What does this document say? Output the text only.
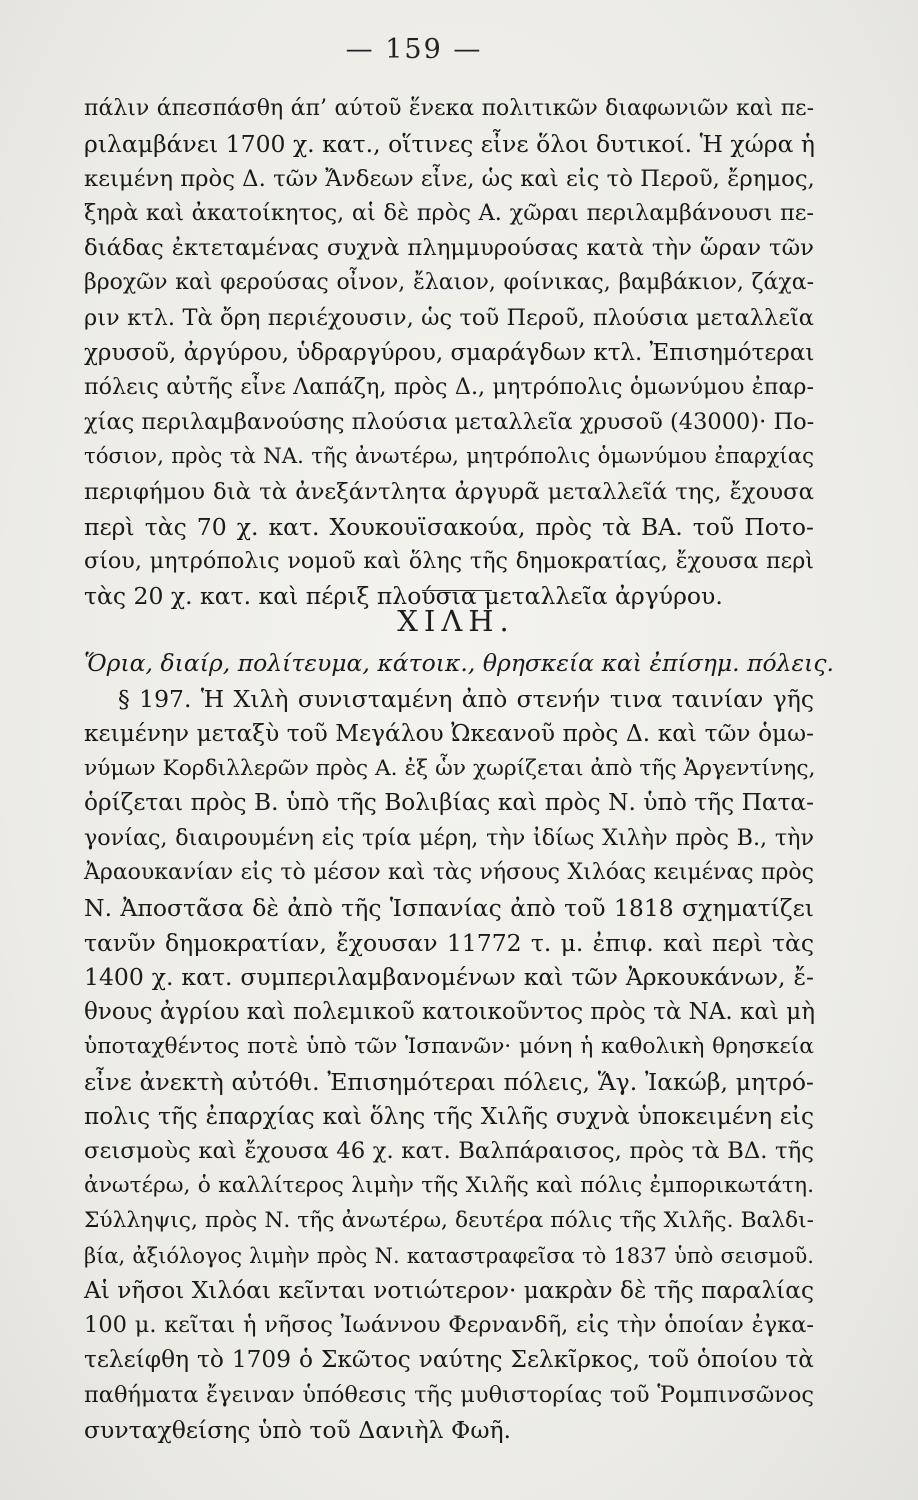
— 159 —
πάλιν άπεσπάσθη άπ’ αύτοῦ ἕνεκα πολιτικῶν διαφωνιῶν καὶ πε-
ριλαμβάνει 1700 χ. κατ., οἵτινες εἶνε ὅλοι δυτικοί. Ἡ χώρα ἡ
κειμένη πρὸς Δ. τῶν Ἄνδεων εἶνε, ὡς καὶ εἰς τὸ Περοῦ, ἔρημος,
ξηρὰ καὶ ἀκατοίκητος, αἱ δὲ πρὸς Α. χῶραι περιλαμβάνουσι πε-
διάδας ἐκτεταμένας συχνὰ πλημμυρούσας κατὰ τὴν ὥραν τῶν
βροχῶν καὶ φερούσας οἶνον, ἔλαιον, φοίνικας, βαμβάκιον, ζάχα-
ριν κτλ. Τὰ ὄρη περιέχουσιν, ὡς τοῦ Περοῦ, πλούσια μεταλλεῖα
χρυσοῦ, ἀργύρου, ὑδραργύρου, σμαράγδων κτλ. Ἐπισημότεραι
πόλεις αὐτῆς εἶνε Λαπάζη, πρὸς Δ., μητρόπολις ὁμωνύμου ἐπαρ-
χίας περιλαμβανούσης πλούσια μεταλλεῖα χρυσοῦ (43000)· Πο-
τόσιον, πρὸς τὰ ΝΑ. τῆς ἀνωτέρω, μητρόπολις ὁμωνύμου ἐπαρχίας
περιφήμου διὰ τὰ ἀνεξάντλητα ἀργυρᾶ μεταλλεῖά της, ἔχουσα
περὶ τὰς 70 χ. κατ. Χουκουϊσακούα, πρὸς τὰ ΒΑ. τοῦ Ποτο-
σίου, μητρόπολις νομοῦ καὶ ὅλης τῆς δημοκρατίας, ἔχουσα περὶ
τὰς 20 χ. κατ. καὶ πέριξ πλούσια μεταλλεῖα ἀργύρου.
ΧΙΛΗ.
Ὅρια, διαίρ, πολίτευμα, κάτοικ., θρησκεία καὶ ἐπίσημ. πόλεις.
§ 197. Ἡ Χιλὴ συνισταμένη ἀπὸ στενήν τινα ταινίαν γῆς
κειμένην μεταξὺ τοῦ Μεγάλου Ὠκεανοῦ πρὸς Δ. καὶ τῶν ὁμω-
νύμων Κορδιλλερῶν πρὸς Α. ἐξ ὧν χωρίζεται ἀπὸ τῆς Ἀργεντίνης,
ὁρίζεται πρὸς Β. ὑπὸ τῆς Βολιβίας καὶ πρὸς Ν. ὑπὸ τῆς Πατα-
γονίας, διαιρουμένη εἰς τρία μέρη, τὴν ἰδίως Χιλὴν πρὸς Β., τὴν
Ἀραουκανίαν εἰς τὸ μέσον καὶ τὰς νήσους Χιλόας κειμένας πρὸς
Ν. Ἀποστᾶσα δὲ ἀπὸ τῆς Ἱσπανίας ἀπὸ τοῦ 1818 σχηματίζει
τανῦν δημοκρατίαν, ἔχουσαν 11772 τ. μ. ἐπιφ. καὶ περὶ τὰς
1400 χ. κατ. συμπεριλαμβανομένων καὶ τῶν Ἀρκουκάνων, ἔ-
θνους ἀγρίου καὶ πολεμικοῦ κατοικοῦντος πρὸς τὰ ΝΑ. καὶ μὴ
ὑποταχθέντος ποτὲ ὑπὸ τῶν Ἱσπανῶν· μόνη ἡ καθολικὴ θρησκεία
εἶνε ἀνεκτὴ αὐτόθι. Ἐπισημότεραι πόλεις, Ἅγ. Ἰακώβ, μητρό-
πολις τῆς ἐπαρχίας καὶ ὅλης τῆς Χιλῆς συχνὰ ὑποκειμένη εἰς
σεισμοὺς καὶ ἔχουσα 46 χ. κατ. Βαλπάραισος, πρὸς τὰ ΒΔ. τῆς
ἀνωτέρω, ὁ καλλίτερος λιμὴν τῆς Χιλῆς καὶ πόλις ἐμπορικωτάτη.
Σύλληψις, πρὸς Ν. τῆς ἀνωτέρω, δευτέρα πόλις τῆς Χιλῆς. Βαλδι-
βία, ἀξιόλογος λιμὴν πρὸς Ν. καταστραφεῖσα τὸ 1837 ὑπὸ σεισμοῦ.
Αἱ νῆσοι Χιλόαι κεῖνται νοτιώτερον· μακρὰν δὲ τῆς παραλίας
100 μ. κεῖται ἡ νῆσος Ἰωάννου Φερνανδῆ, εἰς τὴν ὁποίαν ἐγκα-
τελείφθη τὸ 1709 ὁ Σκῶτος ναύτης Σελκῖρκος, τοῦ ὁποίου τὰ
παθήματα ἔγειναν ὑπόθεσις τῆς μυθιστορίας τοῦ Ῥομπινσῶνος
συνταχθείσης ὑπὸ τοῦ Δανιὴλ Φωῆ.
